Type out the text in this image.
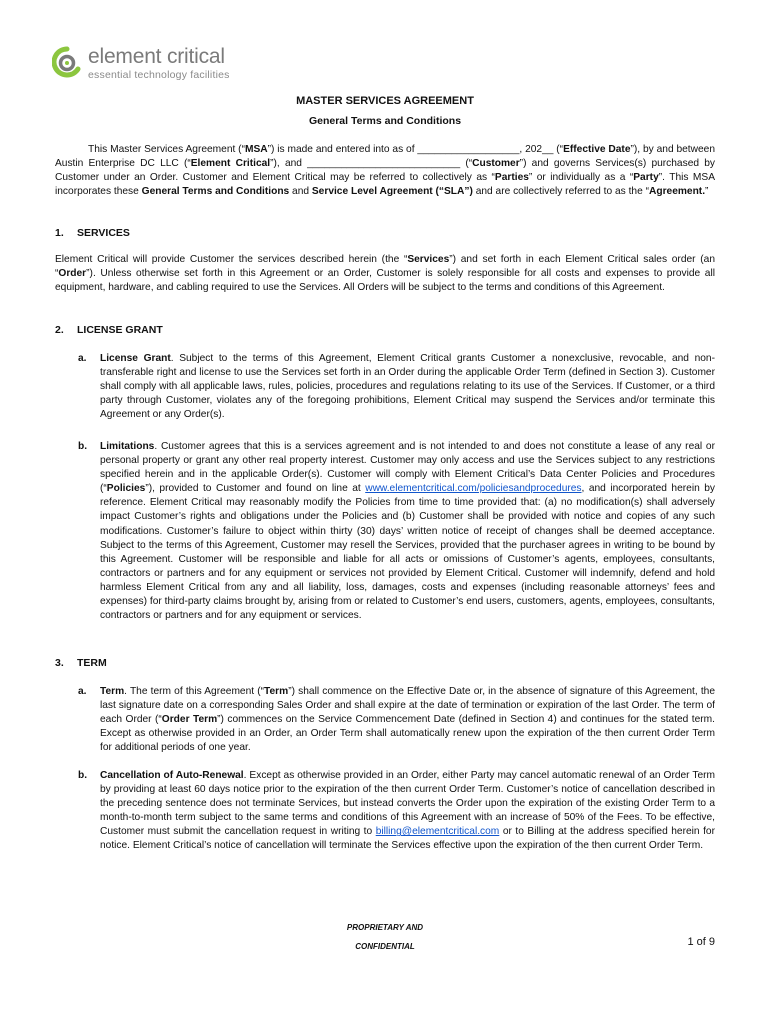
element critical
essential technology facilities
MASTER SERVICES AGREEMENT
General Terms and Conditions
This Master Services Agreement (“MSA”) is made and entered into as of __________________, 202__ (“Effective Date”), by and between Austin Enterprise DC LLC (“Element Critical”), and ___________________________ (“Customer”) and governs Services(s) purchased by Customer under an Order. Customer and Element Critical may be referred to collectively as “Parties” or individually as a “Party”. This MSA incorporates these General Terms and Conditions and Service Level Agreement (“SLA”) and are collectively referred to as the “Agreement.”
1. SERVICES
Element Critical will provide Customer the services described herein (the “Services”) and set forth in each Element Critical sales order (an “Order”). Unless otherwise set forth in this Agreement or an Order, Customer is solely responsible for all costs and expenses to provide all equipment, hardware, and cabling required to use the Services. All Orders will be subject to the terms and conditions of this Agreement.
2. LICENSE GRANT
a. License Grant. Subject to the terms of this Agreement, Element Critical grants Customer a nonexclusive, revocable, and non-transferable right and license to use the Services set forth in an Order during the applicable Order Term (defined in Section 3). Customer shall comply with all applicable laws, rules, policies, procedures and regulations relating to its use of the Services. If Customer, or a third party through Customer, violates any of the foregoing prohibitions, Element Critical may suspend the Services and/or terminate this Agreement or any Order(s).
b. Limitations. Customer agrees that this is a services agreement and is not intended to and does not constitute a lease of any real or personal property or grant any other real property interest. Customer may only access and use the Services subject to any restrictions specified herein and in the applicable Order(s). Customer will comply with Element Critical’s Data Center Policies and Procedures (“Policies”), provided to Customer and found on line at www.elementcritical.com/policiesandprocedures, and incorporated herein by reference. Element Critical may reasonably modify the Policies from time to time provided that: (a) no modification(s) shall adversely impact Customer’s rights and obligations under the Policies and (b) Customer shall be provided with notice and copies of any such modifications. Customer’s failure to object within thirty (30) days’ written notice of receipt of changes shall be deemed acceptance. Subject to the terms of this Agreement, Customer may resell the Services, provided that the purchaser agrees in writing to be bound by this Agreement. Customer will be responsible and liable for all acts or omissions of Customer’s agents, employees, consultants, contractors or partners and for any equipment or services not provided by Element Critical. Customer will indemnify, defend and hold harmless Element Critical from any and all liability, loss, damages, costs and expenses (including reasonable attorneys’ fees and expenses) for third-party claims brought by, arising from or related to Customer’s end users, customers, agents, employees, consultants, contractors or partners and for any equipment or services.
3. TERM
a. Term. The term of this Agreement (“Term”) shall commence on the Effective Date or, in the absence of signature of this Agreement, the last signature date on a corresponding Sales Order and shall expire at the date of termination or expiration of the last Order. The term of each Order (“Order Term”) commences on the Service Commencement Date (defined in Section 4) and continues for the stated term. Except as otherwise provided in an Order, an Order Term shall automatically renew upon the expiration of the then current Order Term for additional periods of one year.
b. Cancellation of Auto-Renewal. Except as otherwise provided in an Order, either Party may cancel automatic renewal of an Order Term by providing at least 60 days notice prior to the expiration of the then current Order Term. Customer’s notice of cancellation described in the preceding sentence does not terminate Services, but instead converts the Order upon the expiration of the existing Order Term to a month-to-month term subject to the same terms and conditions of this Agreement with an increase of 50% of the Fees. To be effective, Customer must submit the cancellation request in writing to billing@elementcritical.com or to Billing at the address specified herein for notice. Element Critical’s notice of cancellation will terminate the Services effective upon the expiration of the then current Order Term.
PROPRIETARY AND
CONFIDENTIAL	1 of 9
